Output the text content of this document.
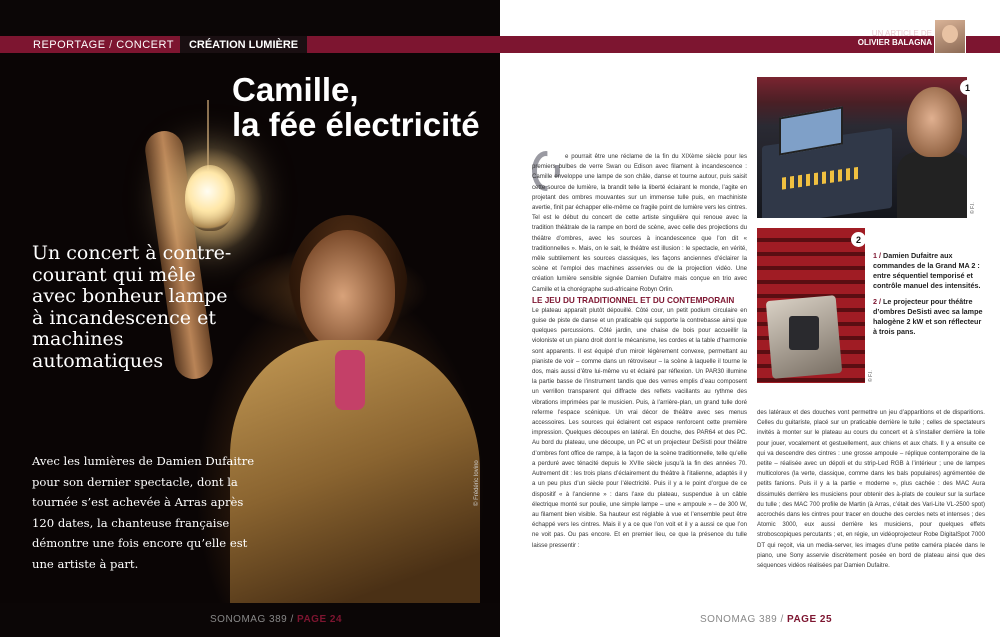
Camille,
la fée électricité

Un concert à contre-courant qui mêle avec bonheur lampe à incandescence et machines automatiques

Avec les lumières de Damien Dufaitre pour son dernier spectacle, dont la tournée s’est achevée à Arras après 120 dates, la chanteuse française démontre une fois encore qu’elle est une artiste à part.

© Frédéric Iovino
REPORTAGE / CONCERT	CRÉATION LUMIÈRE
SONOMAG 389 / PAGE 24
UN ARTICLE DE
OLIVIER BALAGNA
1
© F.I.
2
© F.I.

1 / Damien Dufaitre aux commandes de la Grand MA 2 : entre séquentiel temporisé et contrôle manuel des intensités.

2 / Le projecteur pour théâtre d’ombres DeSisti avec sa lampe halogène 2 kW et son réflecteur à trois pans.

e pourrait être une réclame de la fin du XIXème siècle pour les premiers bulbes de verre Swan ou Edison avec filament à incandescence : Camille enveloppe une lampe de son châle, danse et tourne autour, puis saisit cette source de lumière, la brandit telle la liberté éclairant le monde, l’agite en projetant des ombres mouvantes sur un immense tulle puis, en machiniste avertie, finit par échapper elle-même ce fragile point de lumière vers les cintres. Tel est le début du concert de cette artiste singulière qui renoue avec la tradition théâtrale de la rampe en bord de scène, avec celle des projections du théâtre d’ombres, avec les sources à incandescence que l’on dit « traditionnelles ». Mais, on le sait, le théâtre est illusion : le spectacle, en vérité, mêle subtilement les sources classiques, les façons anciennes d’éclairer la scène et l’emploi des machines asservies ou de la projection vidéo. Une création lumière sensible signée Damien Dufaitre mais conçue en trio avec Camille et la chorégraphe sud-africaine Robyn Orlin.

LE JEU DU TRADITIONNEL ET DU CONTEMPORAIN

Le plateau apparaît plutôt dépouillé. Côté cour, un petit podium circulaire en guise de piste de danse et un praticable qui supporte la contrebasse ainsi que quelques percussions. Côté jardin, une chaise de bois pour accueillir la violoniste et un piano droit dont le mécanisme, les cordes et la table d’harmonie sont apparents. Il est équipé d’un miroir légèrement convexe, permettant au pianiste de voir – comme dans un rétroviseur – la scène à laquelle il tourne le dos, mais aussi d’être lui-même vu et éclairé par réflexion. Un PAR30 illumine la partie basse de l’instrument tandis que des verres emplis d’eau composent un verrillon transparent qui diffracte des reflets vacillants au rythme des vibrations imprimées par le musicien. Puis, à l’arrière-plan, un grand tulle doré referme l’espace scénique. Un vrai décor de théâtre avec ses menus accessoires. Les sources qui éclairent cet espace renforcent cette première impression. Quelques découpes en latéral. En douche, des PAR64 et des PC. Au bord du plateau, une découpe, un PC et un projecteur DeSisti pour théâtre d’ombres font office de rampe, à la façon de la scène traditionnelle, telle qu’elle a perduré avec ténacité depuis le XVIIe siècle jusqu’à la fin des années 70. Autrement dit : les trois plans d’éclairement du théâtre à l’italienne, adaptés il y a un peu plus d’un siècle pour l’électricité. Puis il y a le point d’orgue de ce dispositif « à l’ancienne » : dans l’axe du plateau, suspendue à un câble électrique monté sur poulie, une simple lampe – une « ampoule » – de 300 W, au filament bien visible. Sa hauteur est réglable à vue et l’ensemble peut être échappé vers les cintres. Mais il y a ce que l’on voit et il y a aussi ce que l’on ne voit pas. Ou pas encore. Et en premier lieu, ce que la présence du tulle laisse pressentir :

des latéraux et des douches vont permettre un jeu d’apparitions et de disparitions. Celles du guitariste, placé sur un praticable derrière le tulle ; celles de spectateurs invités à monter sur le plateau au cours du concert et à s’installer derrière la toile pour jouer, vocalement et gestuellement, aux chiens et aux chats. Il y a ensuite ce qui va descendre des cintres : une grosse ampoule – réplique contemporaine de la petite – réalisée avec un dépoli et du strip-Led RGB à l’intérieur ; une de lampes multicolores (la verte, classique, comme dans les bals populaires) agrémentée de petits fanions. Puis il y a la partie « moderne », plus cachée : des MAC Aura dissimulés derrière les musiciens pour obtenir des à-plats de couleur sur la surface du tulle ; des MAC 700 profile de Martin (à Arras, c’était des Vari-Lite VL-2500 spot) accrochés dans les cintres pour tracer en douche des cercles nets et intenses ; des Atomic 3000, eux aussi derrière les musiciens, pour quelques effets stroboscopiques percutants ; et, en régie, un vidéoprojecteur Robe DigitalSpot 7000 DT qui reçoit, via un media-server, les images d’une petite caméra placée dans le piano, une Sony asservie discrètement posée en bord de plateau ainsi que des séquences vidéos réalisées par Damien Dufaitre.

SONOMAG 389 / PAGE 25
